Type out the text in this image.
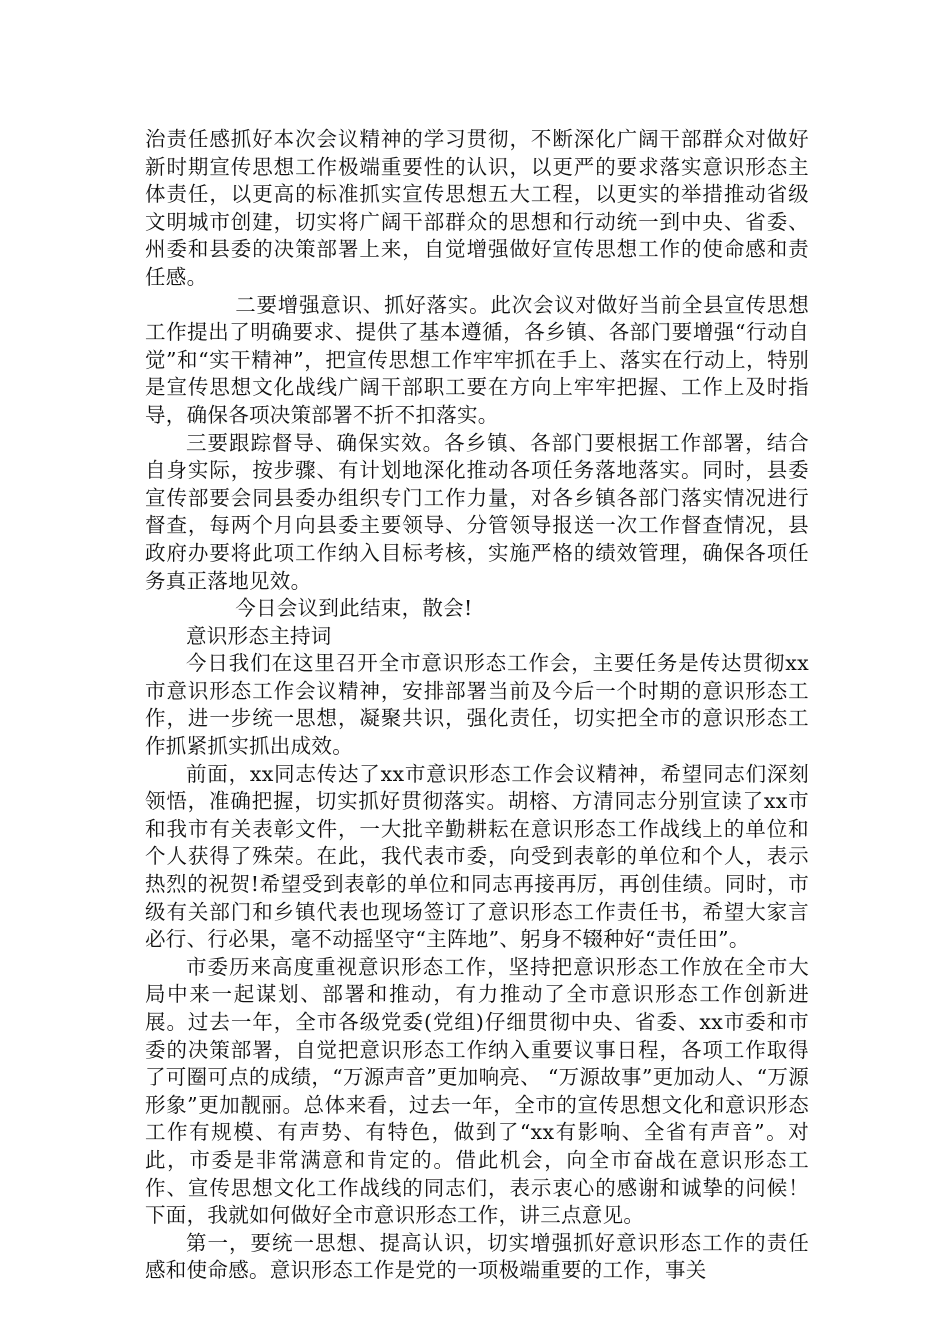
治责任感抓好本次会议精神的学习贯彻，不断深化广阔干部群众对做好新时期宣传思想工作极端重要性的认识，以更严的要求落实意识形态主体责任，以更高的标准抓实宣传思想五大工程，以更实的举措推动省级文明城市创建，切实将广阔干部群众的思想和行动统一到中央、省委、州委和县委的决策部署上来，自觉增强做好宣传思想工作的使命感和责任感。

二要增强意识、抓好落实。此次会议对做好当前全县宣传思想工作提出了明确要求、提供了基本遵循，各乡镇、各部门要增强“行动自觉”和“实干精神”，把宣传思想工作牢牢抓在手上、落实在行动上，特别是宣传思想文化战线广阔干部职工要在方向上牢牢把握、工作上及时指导，确保各项决策部署不折不扣落实。

三要跟踪督导、确保实效。各乡镇、各部门要根据工作部署，结合自身实际，按步骤、有计划地深化推动各项任务落地落实。同时，县委宣传部要会同县委办组织专门工作力量，对各乡镇各部门落实情况进行督查，每两个月向县委主要领导、分管领导报送一次工作督查情况，县政府办要将此项工作纳入目标考核，实施严格的绩效管理，确保各项任务真正落地见效。

今日会议到此结束，散会!

意识形态主持词

今日我们在这里召开全市意识形态工作会，主要任务是传达贯彻xx市意识形态工作会议精神，安排部署当前及今后一个时期的意识形态工作，进一步统一思想，凝聚共识，强化责任，切实把全市的意识形态工作抓紧抓实抓出成效。

前面，xx同志传达了xx市意识形态工作会议精神，希望同志们深刻领悟，准确把握，切实抓好贯彻落实。胡榕、方清同志分别宣读了xx市和我市有关表彰文件，一大批辛勤耕耘在意识形态工作战线上的单位和个人获得了殊荣。在此，我代表市委，向受到表彰的单位和个人，表示热烈的祝贺!希望受到表彰的单位和同志再接再厉，再创佳绩。同时，市级有关部门和乡镇代表也现场签订了意识形态工作责任书，希望大家言必行、行必果，毫不动摇坚守“主阵地”、躬身不辍种好“责任田”。

市委历来高度重视意识形态工作，坚持把意识形态工作放在全市大局中来一起谋划、部署和推动，有力推动了全市意识形态工作创新进展。过去一年，全市各级党委(党组)仔细贯彻中央、省委、xx市委和市委的决策部署，自觉把意识形态工作纳入重要议事日程，各项工作取得了可圈可点的成绩，“万源声音”更加响亮、 “万源故事”更加动人、“万源形象”更加靓丽。总体来看，过去一年，全市的宣传思想文化和意识形态工作有规模、有声势、有特色，做到了“xx有影响、全省有声音”。对此，市委是非常满意和肯定的。借此机会，向全市奋战在意识形态工作、宣传思想文化工作战线的同志们，表示衷心的感谢和诚挚的问候！下面，我就如何做好全市意识形态工作，讲三点意见。

第一，要统一思想、提高认识，切实增强抓好意识形态工作的责任感和使命感。意识形态工作是党的一项极端重要的工作，事关
